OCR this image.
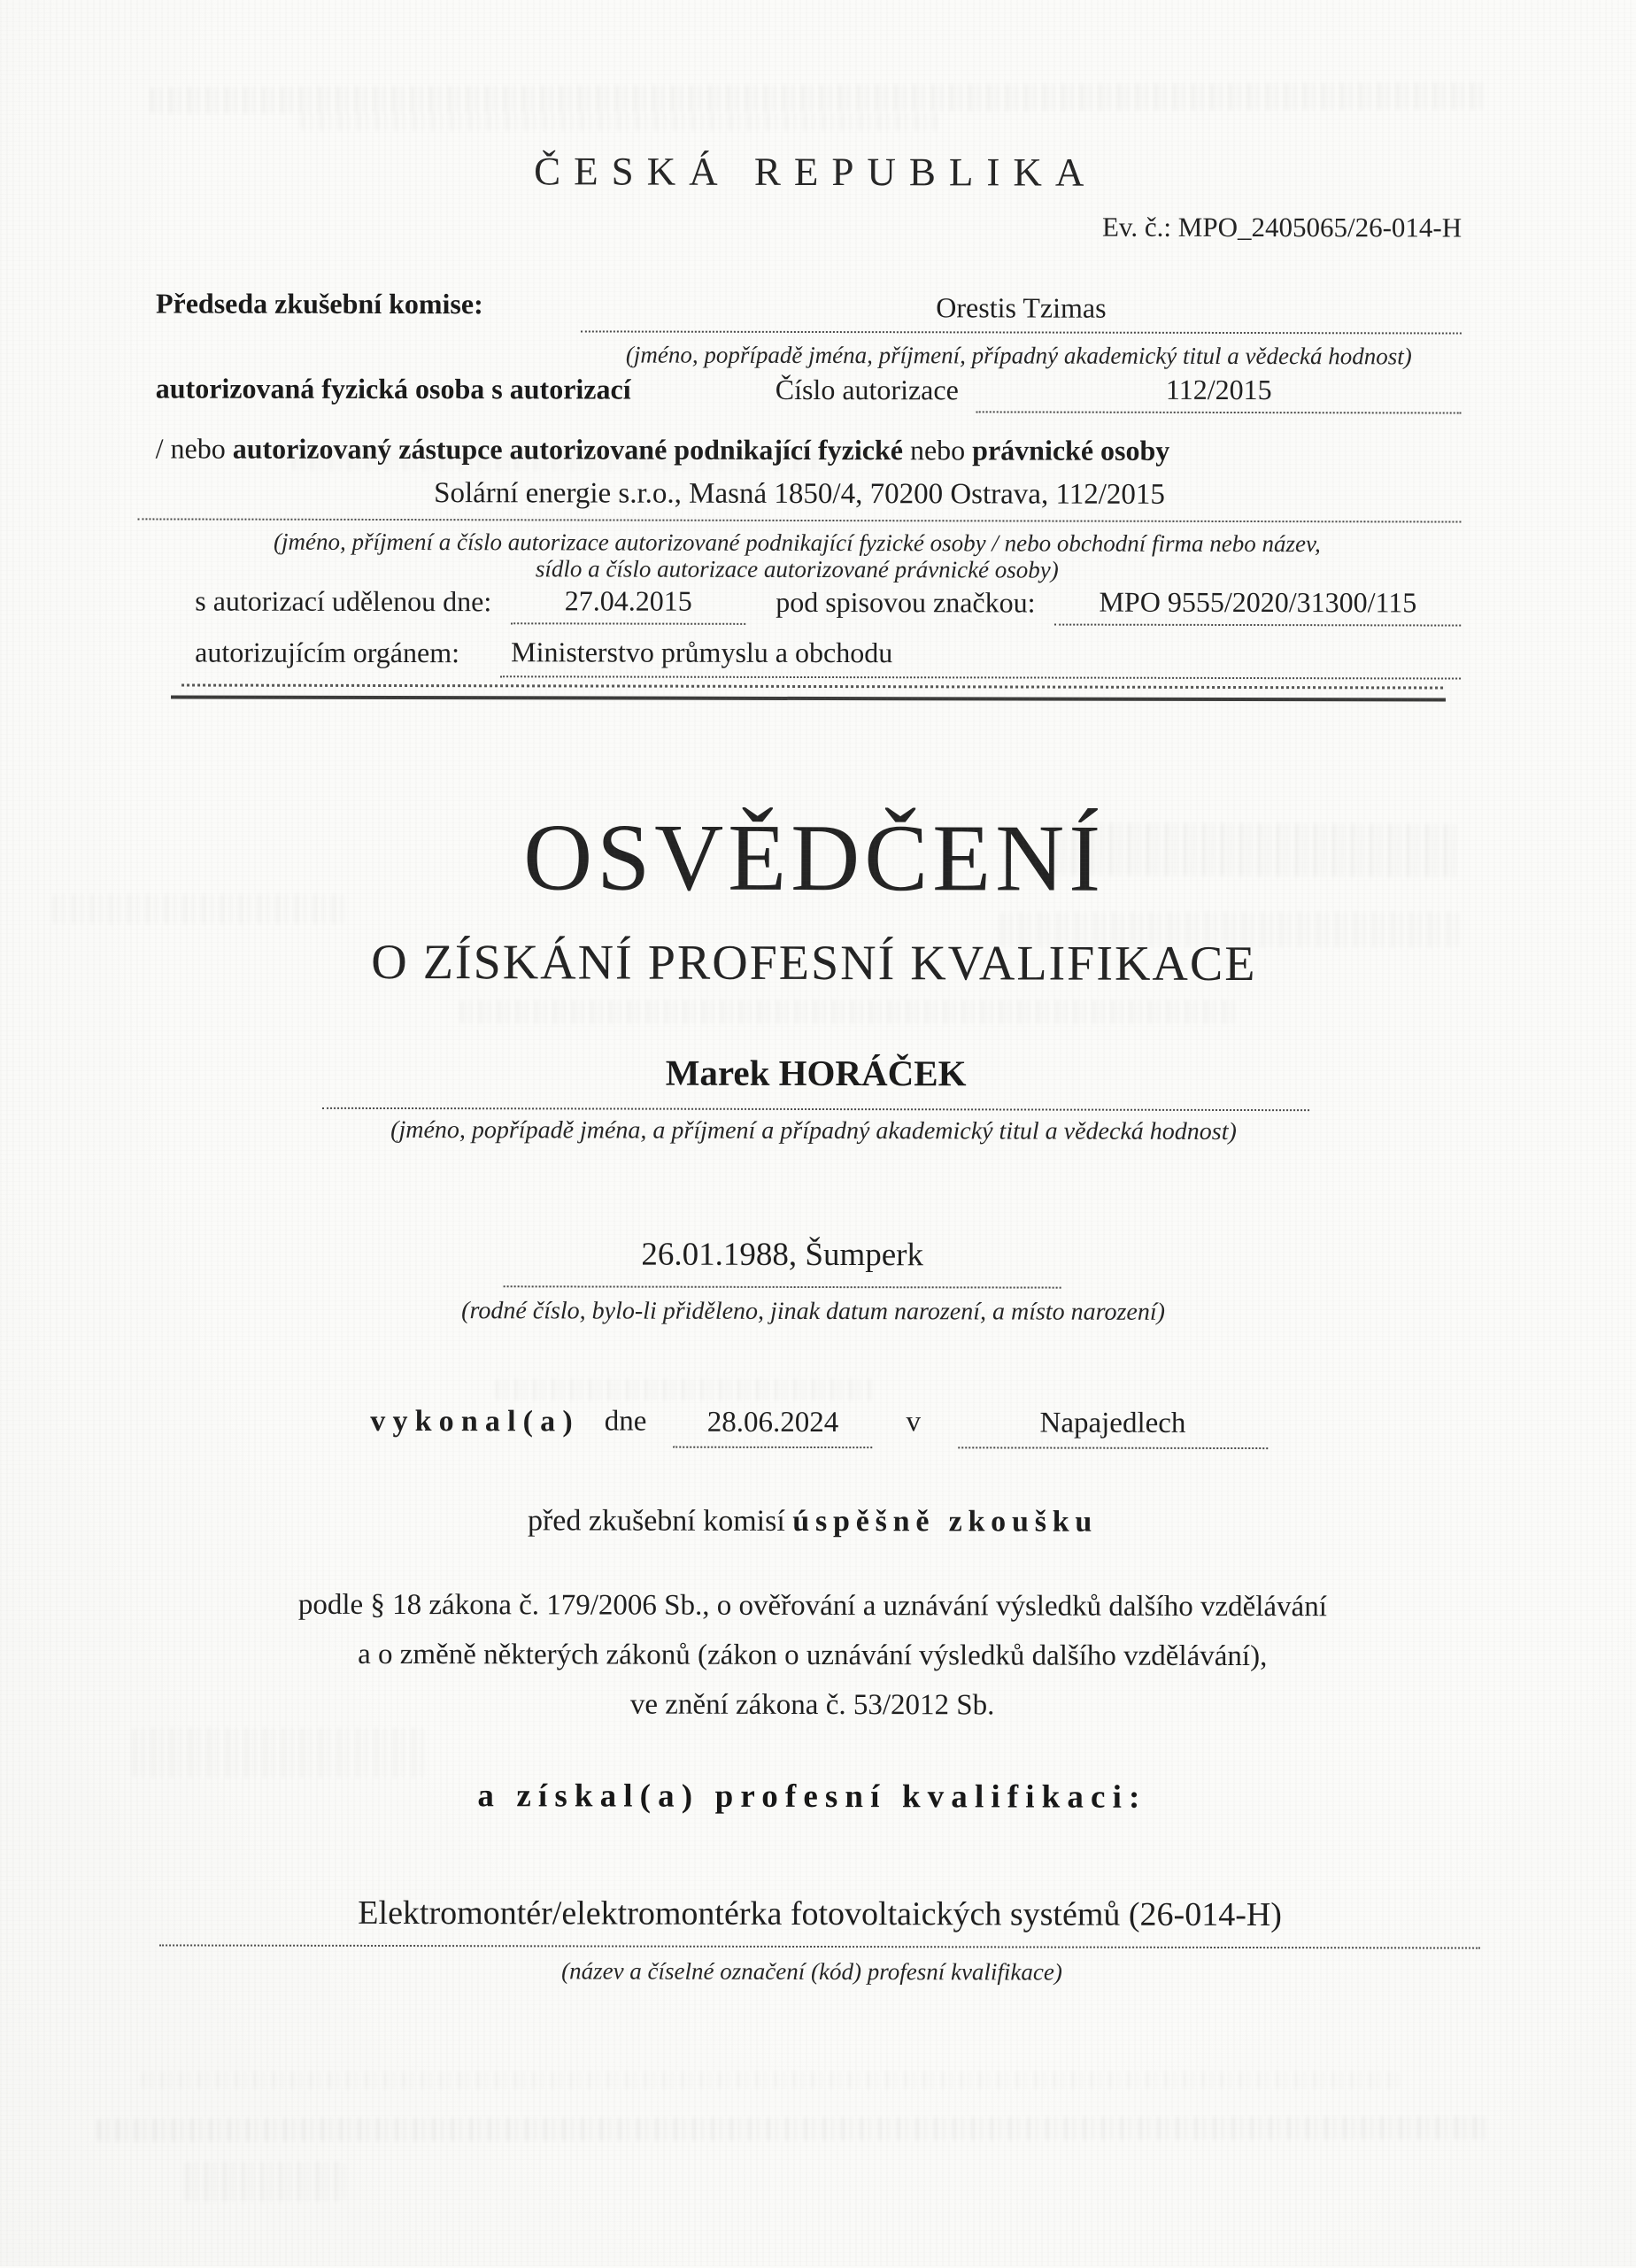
ČESKÁ REPUBLIKA
Ev. č.: MPO_2405065/26-014-H
Předseda zkušební komise:	Orestis Tzimas
(jméno, popřípadě jména, příjmení, případný akademický titul a vědecká hodnost)
autorizovaná fyzická osoba s autorizací	Číslo autorizace	112/2015
/ nebo autorizovaný zástupce autorizované podnikající fyzické nebo právnické osoby
Solární energie s.r.o., Masná 1850/4, 70200 Ostrava, 112/2015
(jméno, příjmení a číslo autorizace autorizované podnikající fyzické osoby / nebo obchodní firma nebo název,
sídlo a číslo autorizace autorizované právnické osoby)
s autorizací udělenou dne:	27.04.2015	pod spisovou značkou:	MPO 9555/2020/31300/115
autorizujícím orgánem:	Ministerstvo průmyslu a obchodu
OSVĚDČENÍ
O ZÍSKÁNÍ PROFESNÍ KVALIFIKACE
Marek HORÁČEK
(jméno, popřípadě jména, a příjmení a případný akademický titul a vědecká hodnost)
26.01.1988, Šumperk
(rodné číslo, bylo-li přiděleno, jinak datum narození, a místo narození)
vykonal(a) dne	28.06.2024	v	Napajedlech
před zkušební komisí úspěšně zkoušku
podle § 18 zákona č. 179/2006 Sb., o ověřování a uznávání výsledků dalšího vzdělávání
a o změně některých zákonů (zákon o uznávání výsledků dalšího vzdělávání),
ve znění zákona č. 53/2012 Sb.
a získal(a) profesní kvalifikaci:
Elektromontér/elektromontérka fotovoltaických systémů (26-014-H)
(název a číselné označení (kód) profesní kvalifikace)
